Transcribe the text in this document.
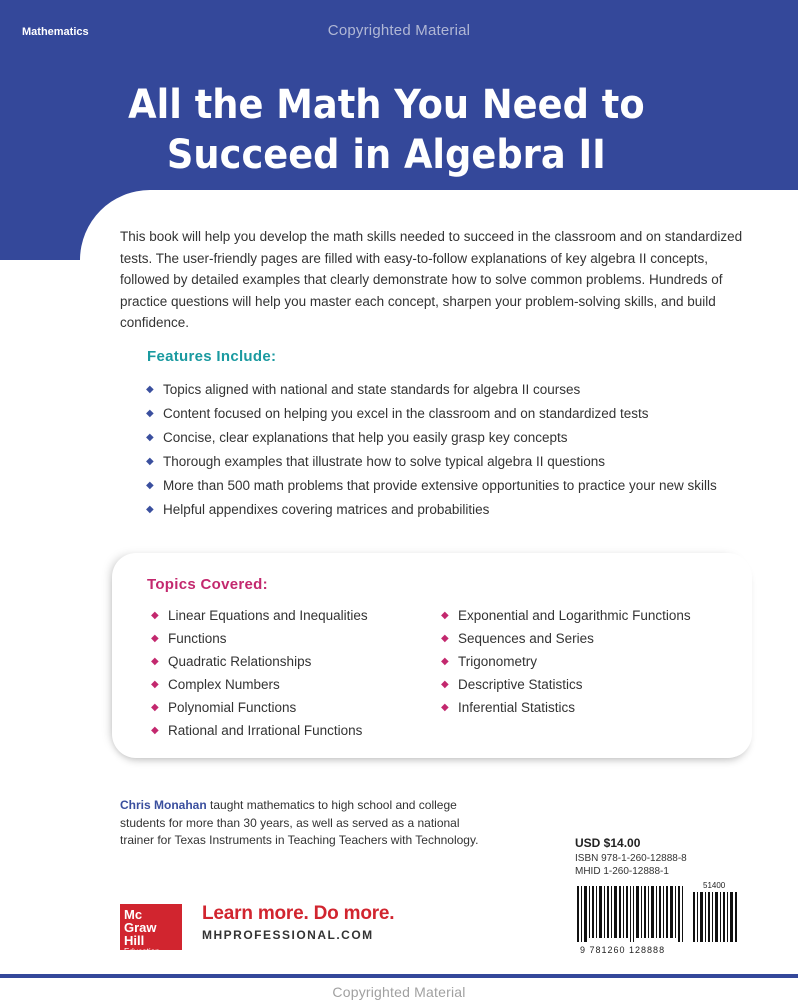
Mathematics	Copyrighted Material
All the Math You Need to
Succeed in Algebra II
This book will help you develop the math skills needed to succeed in the classroom and on standardized tests. The user-friendly pages are filled with easy-to-follow explanations of key algebra II concepts, followed by detailed examples that clearly demonstrate how to solve common problems. Hundreds of practice questions will help you master each concept, sharpen your problem-solving skills, and build confidence.
Features Include:
◆ Topics aligned with national and state standards for algebra II courses
◆ Content focused on helping you excel in the classroom and on standardized tests
◆ Concise, clear explanations that help you easily grasp key concepts
◆ Thorough examples that illustrate how to solve typical algebra II questions
◆ More than 500 math problems that provide extensive opportunities to practice your new skills
◆ Helpful appendixes covering matrices and probabilities
Topics Covered:
◆ Linear Equations and Inequalities
◆ Functions
◆ Quadratic Relationships
◆ Complex Numbers
◆ Polynomial Functions
◆ Rational and Irrational Functions
◆ Exponential and Logarithmic Functions
◆ Sequences and Series
◆ Trigonometry
◆ Descriptive Statistics
◆ Inferential Statistics
Chris Monahan taught mathematics to high school and college students for more than 30 years, as well as served as a national trainer for Texas Instruments in Teaching Teachers with Technology.
Mc
Graw
Hill
Education
Learn more. Do more.
MHPROFESSIONAL.COM
USD $14.00
ISBN 978-1-260-12888-8
MHID 1-260-12888-1
51400
9 781260 128888
Copyrighted Material
